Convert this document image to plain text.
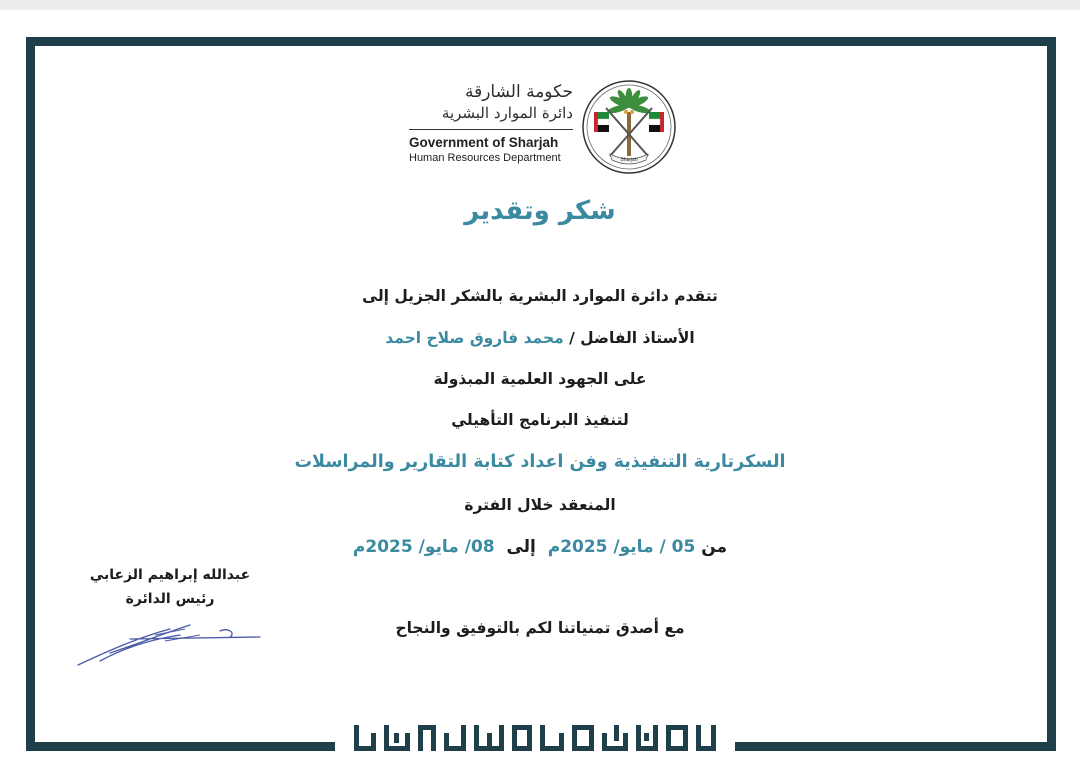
حكومة الشارقة
دائرة الموارد البشرية
Government of Sharjah
Human Resources Department	Sharjah
شكر وتقدير
تتقدم دائرة الموارد البشرية بالشكر الجزيل إلى
الأستاذ الفاضل / محمد فاروق صلاح احمد
على الجهود العلمية المبذولة
لتنفيذ البرنامج التأهيلي
السكرتارية التنفيذية وفن اعداد كتابة التقارير والمراسلات
المنعقد خلال الفترة
من 05 / مايو/ 2025م  إلى  08/ مايو/ 2025م
مع أصدق تمنياتنا لكم بالتوفيق والنجاح
عبدالله إبراهيم الزعابي
رئيس الدائرة
